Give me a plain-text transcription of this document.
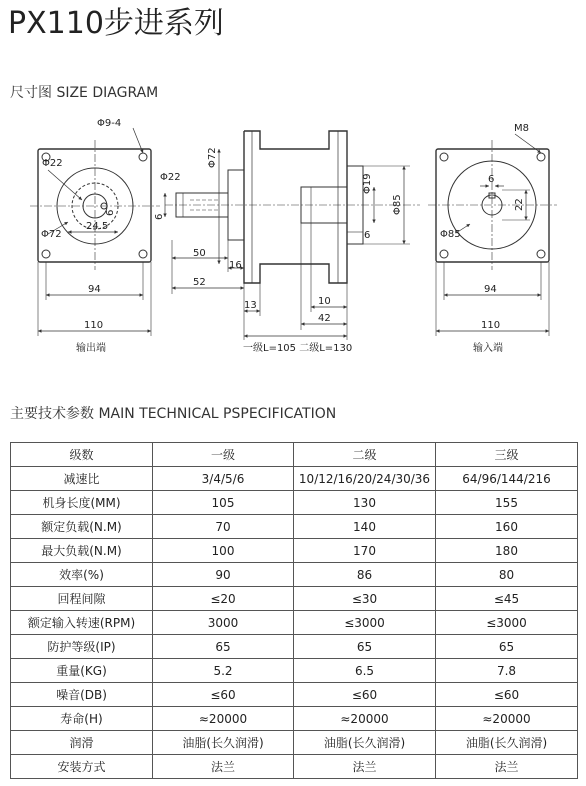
PX110步进系列
尺寸图 SIZE DIAGRAM
Φ9-4
Φ22
Φ72
24.5
6
94
110
输出端
Φ72
Φ22
6
Φ19
Φ85
6
50
52
16
13	10
42
一级L=105 二级L=130
M8
6
22
Φ85
94
110
输入端
主要技术参数 MAIN TECHNICAL PSPECIFICATION
级数	一级	二级	三级
减速比	3/4/5/6	10/12/16/20/24/30/36	64/96/144/216
机身长度(MM)	105	130	155
额定负载(N.M)	70	140	160
最大负载(N.M)	100	170	180
效率(%)	90	86	80
回程间隙	≤20	≤30	≤45
额定输入转速(RPM)	3000	≤3000	≤3000
防护等级(IP)	65	65	65
重量(KG)	5.2	6.5	7.8
噪音(DB)	≤60	≤60	≤60
寿命(H)	≈20000	≈20000	≈20000
润滑	油脂(长久润滑)	油脂(长久润滑)	油脂(长久润滑)
安装方式	法兰	法兰	法兰
